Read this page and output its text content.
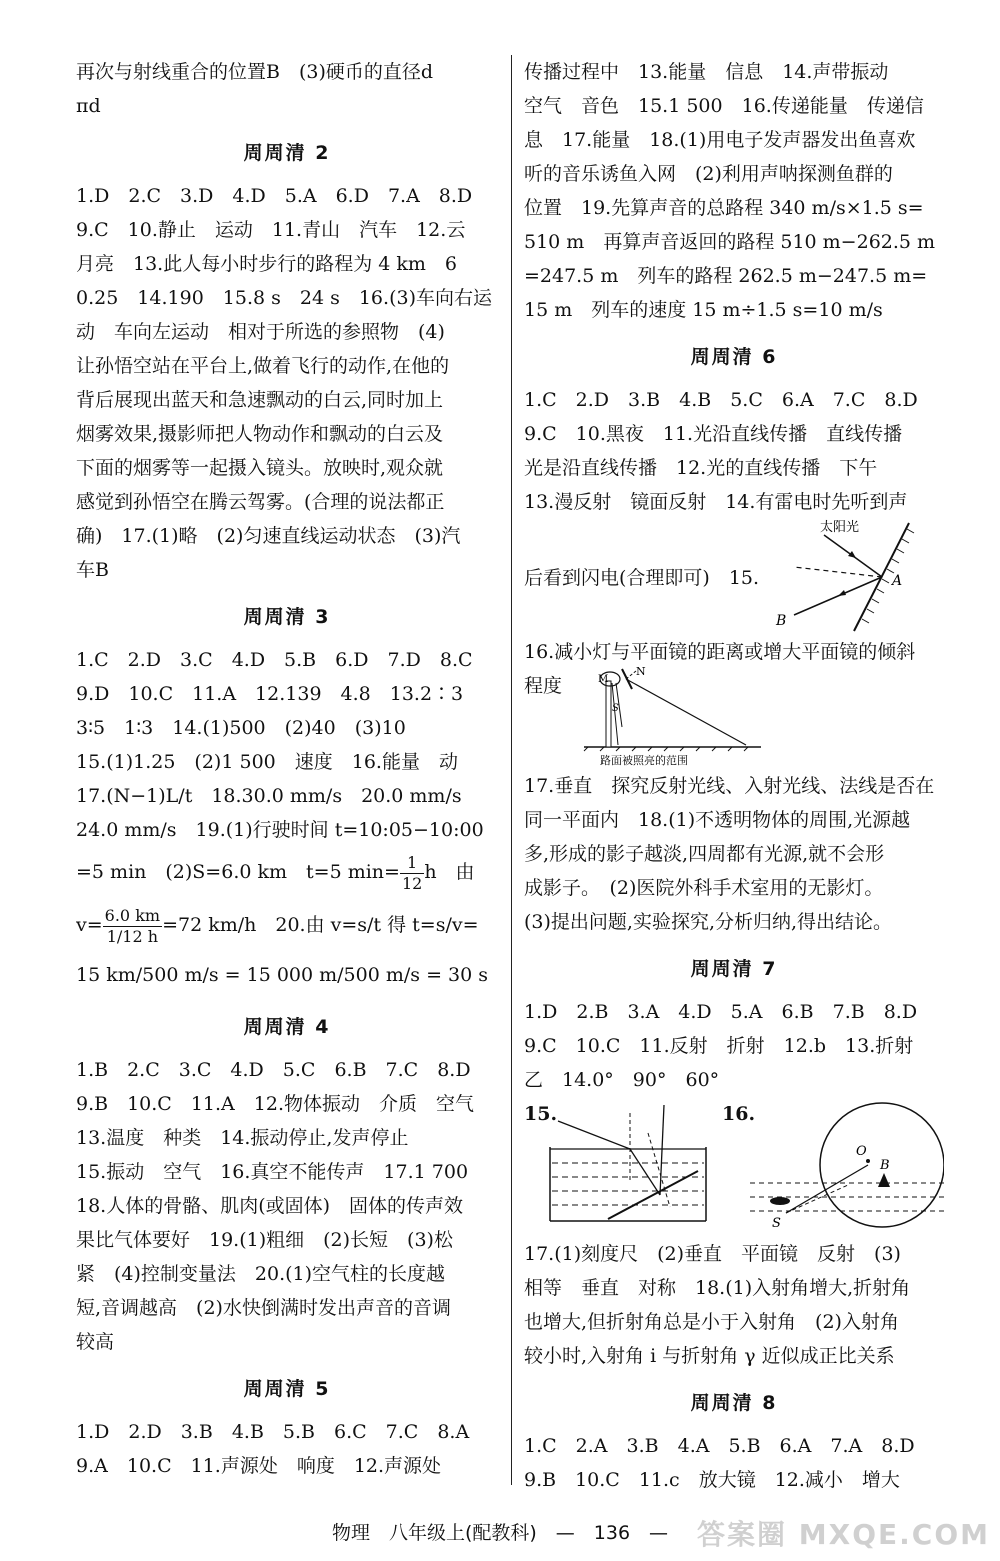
再次与射线重合的位置B　(3)硬币的直径d
πd
周周清 2
1.D　2.C　3.D　4.D　5.A　6.D　7.A　8.D
9.C　10.静止　运动　11.青山　汽车　12.云
月亮　13.此人每小时步行的路程为 4 km　6
0.25　14.190　15.8 s　24 s　16.(3)车向右运
动　车向左运动　相对于所选的参照物　(4)
让孙悟空站在平台上,做着飞行的动作,在他的
背后展现出蓝天和急速飘动的白云,同时加上
烟雾效果,摄影师把人物动作和飘动的白云及
下面的烟雾等一起摄入镜头。放映时,观众就
感觉到孙悟空在腾云驾雾。(合理的说法都正
确)　17.(1)略　(2)匀速直线运动状态　(3)汽
车B
周周清 3
1.C　2.D　3.C　4.D　5.B　6.D　7.D　8.C
9.D　10.C　11.A　12.139　4.8　13.2∶3
3∶5　1∶3　14.(1)500　(2)40　(3)10
15.(1)1.25　(2)1 500　速度　16.能量　动
17.(N−1)L/t　18.30.0 mm/s　20.0 mm/s
24.0 mm/s　19.(1)行驶时间 t=10:05−10:00
=5 min　(2)S=6.0 km　t=5 $\min= \frac{1}{12}$ h　由
$v= \frac{6.0 km}{1/12 h} =72$ km/h　20.由 v=s/t 得 t=s/v=
15 km/500 m/s = 15 000 m/500 m/s = 30 s
周周清 4
1.B　2.C　3.C　4.D　5.C　6.B　7.C　8.D
9.B　10.C　11.A　12.物体振动　介质　空气
13.温度　种类　14.振动停止,发声停止
15.振动　空气　16.真空不能传声　17.1 700
18.人体的骨骼、肌肉(或固体)　固体的传声效
果比气体要好　19.(1)粗细　(2)长短　(3)松
紧　(4)控制变量法　20.(1)空气柱的长度越
短,音调越高　(2)水快倒满时发出声音的音调
较高
周周清 5
1.D　2.D　3.B　4.B　5.B　6.C　7.C　8.A
9.A　10.C　11.声源处　响度　12.声源处
传播过程中　13.能量　信息　14.声带振动
空气　音色　15.1 500　16.传递能量　传递信
息　17.能量　18.(1)用电子发声器发出鱼喜欢
听的音乐诱鱼入网　(2)利用声呐探测鱼群的
位置　19.先算声音的总路程 340 m/s×1.5 s=
510 m　再算声音返回的路程 510 m−262.5 m
=247.5 m　列车的路程 262.5 m−247.5 m=
15 m　列车的速度 15 m÷1.5 s=10 m/s
周周清 6
1.C　2.D　3.B　4.B　5.C　6.A　7.C　8.D
9.C　10.黑夜　11.光沿直线传播　直线传播
光是沿直线传播　12.光的直线传播　下午
13.漫反射　镜面反射　14.有雷电时先听到声
后看到闪电(合理即可)　15.
太阳光
A
B
16.减小灯与平面镜的距离或增大平面镜的倾斜
程度
N
M
S
路面被照亮的范围
17.垂直　探究反射光线、入射光线、法线是否在
同一平面内　18.(1)不透明物体的周围,光源越
多,形成的影子越淡,四周都有光源,就不会形
成影子。　(2)医院外科手术室用的无影灯。
(3)提出问题,实验探究,分析归纳,得出结论。
周周清 7
1.D　2.B　3.A　4.D　5.A　6.B　7.B　8.D
9.C　10.C　11.反射　折射　12.b　13.折射
乙　14.0°　90°　60°
15.	16.
O
B
S
17.(1)刻度尺　(2)垂直　平面镜　反射　(3)
相等　垂直　对称　18.(1)入射角增大,折射角
也增大,但折射角总是小于入射角　(2)入射角
较小时,入射角 i 与折射角 γ 近似成正比关系
周周清 8
1.C　2.A　3.B　4.A　5.B　6.A　7.A　8.D
9.B　10.C　11.c　放大镜　12.减小　增大
物理　八年级上(配教科)　—　136　—	答案圈 MXQE.COM
